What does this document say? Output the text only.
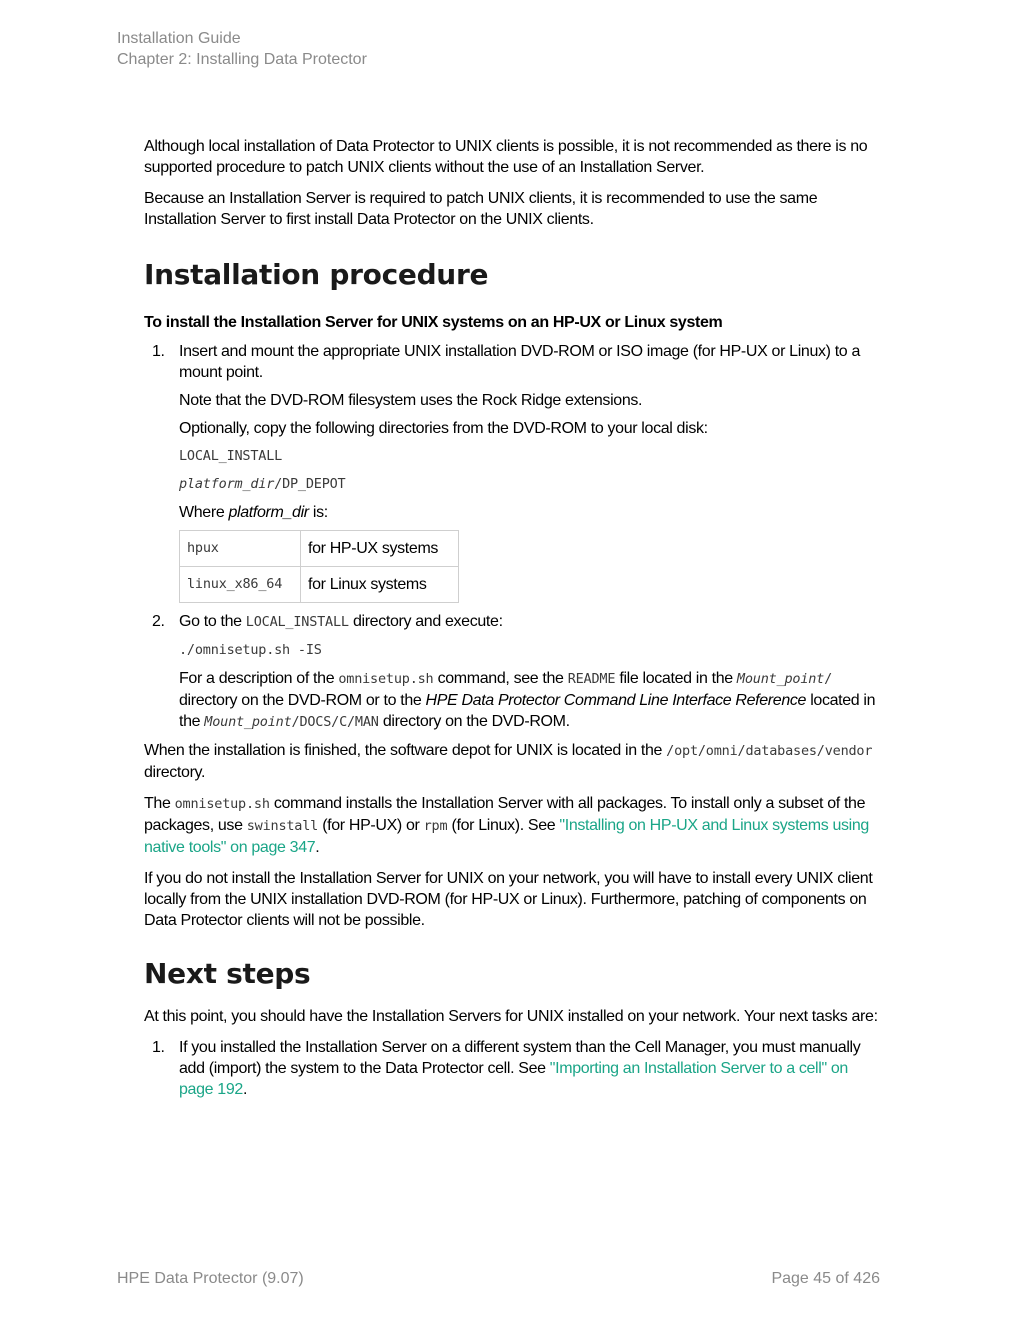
Installation Guide
Chapter 2: Installing Data Protector

Although local installation of Data Protector to UNIX clients is possible, it is not recommended as there is no supported procedure to patch UNIX clients without the use of an Installation Server.

Because an Installation Server is required to patch UNIX clients, it is recommended to use the same Installation Server to first install Data Protector on the UNIX clients.

Installation procedure

To install the Installation Server for UNIX systems on an HP-UX or Linux system

1. Insert and mount the appropriate UNIX installation DVD-ROM or ISO image (for HP-UX or Linux) to a mount point.

Note that the DVD-ROM filesystem uses the Rock Ridge extensions.

Optionally, copy the following directories from the DVD-ROM to your local disk:

LOCAL_INSTALL
platform_dir/DP_DEPOT

Where platform_dir is:

hpux	for HP-UX systems
linux_x86_64	for Linux systems
2. Go to the LOCAL_INSTALL directory and execute:

./omnisetup.sh -IS

For a description of the omnisetup.sh command, see the README file located in the Mount_point/ directory on the DVD-ROM or to the HPE Data Protector Command Line Interface Reference located in the Mount_point/DOCS/C/MAN directory on the DVD-ROM.

When the installation is finished, the software depot for UNIX is located in the /opt/omni/databases/vendor directory.

The omnisetup.sh command installs the Installation Server with all packages. To install only a subset of the packages, use swinstall (for HP-UX) or rpm (for Linux). See "Installing on HP-UX and Linux systems using native tools" on page 347.

If you do not install the Installation Server for UNIX on your network, you will have to install every UNIX client locally from the UNIX installation DVD-ROM (for HP-UX or Linux). Furthermore, patching of components on Data Protector clients will not be possible.

Next steps

At this point, you should have the Installation Servers for UNIX installed on your network. Your next tasks are:

1. If you installed the Installation Server on a different system than the Cell Manager, you must manually add (import) the system to the Data Protector cell. See "Importing an Installation Server to a cell" on page 192.

HPE Data Protector (9.07)	Page 45 of 426
